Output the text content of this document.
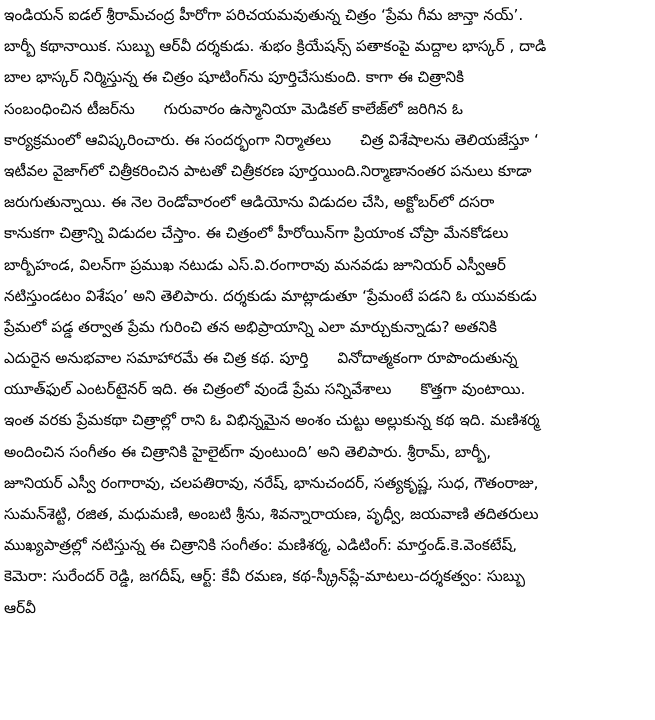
ఇండియన్ ఐడల్ శ్రీరామ్‌చంద్ర హీరోగా పరిచయమవుతున్న చిత్రం ‘ప్రేమ గీమ జాన్తా నయ్’.
బార్బీ కథానాయిక. సుబ్బు ఆర్‌వీ దర్శకుడు. శుభం క్రియేషన్స్ పతాకంపై మద్దాల భాస్కర్ , దాడి
బాల భాస్కర్ నిర్మిస్తున్న ఈ చిత్రం షూటింగ్‌ను పూర్తిచేసుకుంది. కాగా ఈ చిత్రానికి
సంబంధించిన టీజర్‌ను      గురువారం ఉస్మానియా మెడికల్ కాలేజ్‌లో జరిగిన ఓ
కార్యక్రమంలో ఆవిష్కరించారు. ఈ సందర్భంగా నిర్మాతలు      చిత్ర విశేషాలను తెలియజేస్తూ ‘
ఇటీవల వైజాగ్‌లో చిత్రీకరించిన పాటతో చిత్రీకరణ పూర్తయింది.నిర్మాణానంతర పనులు కూడా
జరుగుతున్నాయి. ఈ నెల రెండోవారంలో ఆడియోను విడుదల చేసి, అక్టోబర్‌లో దసరా
కానుకగా చిత్రాన్ని విడుదల చేస్తాం. ఈ చిత్రంలో హీరోయిన్‌గా ప్రియాంక చోప్రా మేనకోడలు
బార్బీహండ, విలన్‌గా ప్రముఖ నటుడు ఎస్.వి.రంగారావు మనవడు జూనియర్ ఎస్వీఆర్
నటిస్తుండటం విశేషం’ అని తెలిపారు. దర్శకుడు మాట్లాడుతూ ‘ప్రేమంటే పడని ఓ యువకుడు
ప్రేమలో పడ్డ తర్వాత ప్రేమ గురించి తన అభిప్రాయాన్ని ఎలా మార్చుకున్నాడు? అతనికి
ఎదురైన అనుభవాల సమాహారమే ఈ చిత్ర కథ. పూర్తి      వినోదాత్మకంగా రూపొందుతున్న
యూత్‌ఫుల్ ఎంటర్‌టైనర్ ఇది. ఈ చిత్రంలో వుండే ప్రేమ సన్నివేశాలు      కొత్తగా వుంటాయి.
ఇంత వరకు ప్రేమకథా చిత్రాల్లో రాని ఓ విభిన్నమైన అంశం చుట్టు అల్లుకున్న కథ ఇది. మణిశర్మ
అందించిన సంగీతం ఈ చిత్రానికి హైలైట్‌గా వుంటుంది’ అని తెలిపారు. శ్రీరామ్, బార్బీ,
జూనియర్ ఎస్వీ రంగారావు, చలపతిరావు, నరేష్, భానుచందర్, సత్యకృష్ణ, సుధ, గౌతంరాజు,
సుమన్‌శెట్టి, రజిత, మధుమణి, అంబటి శ్రీను, శివన్నారాయణ, పృధ్వీ, జయవాణి తదితరులు
ముఖ్యపాత్రల్లో నటిస్తున్న ఈ చిత్రానికి సంగీతం: మణిశర్మ, ఎడిటింగ్: మార్తండ్.కె.వెంకటేష్,
కెమెరా: సురేందర్ రెడ్డి, జగదీష్, ఆర్ట్: కేవీ రమణ, కథ-స్క్రీన్‌ప్లే-మాటలు-దర్శకత్వం: సుబ్బు
ఆర్‌వీ
